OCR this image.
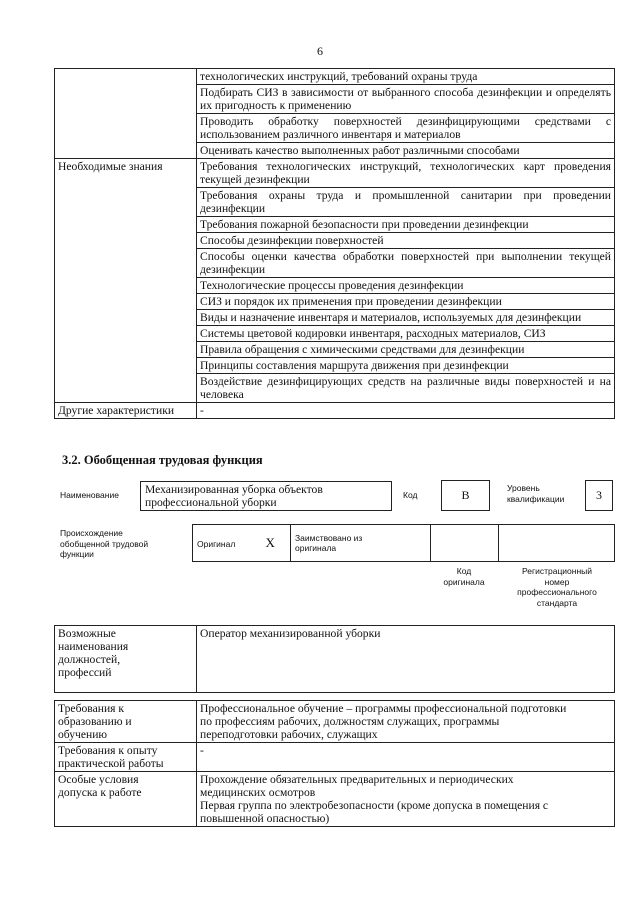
6
	технологических инструкций, требований охраны труда
	Подбирать СИЗ в зависимости от выбранного способа дезинфекции и определять их пригодность к применению
	Проводить обработку поверхностей дезинфицирующими средствами с использованием различного инвентаря и материалов
	Оценивать качество выполненных работ различными способами
Необходимые знания	Требования технологических инструкций, технологических карт проведения текущей дезинфекции
	Требования охраны труда и промышленной санитарии при проведении дезинфекции
	Требования пожарной безопасности при проведении дезинфекции
	Способы дезинфекции поверхностей
	Способы оценки качества обработки поверхностей при выполнении текущей дезинфекции
	Технологические процессы проведения дезинфекции
	СИЗ и порядок их применения при проведении дезинфекции
	Виды и назначение инвентаря и материалов, используемых для дезинфекции
	Системы цветовой кодировки инвентаря, расходных материалов, СИЗ
	Правила обращения с химическими средствами для дезинфекции
	Принципы составления маршрута движения при дезинфекции
	Воздействие дезинфицирующих средств на различные виды поверхностей и на человека
Другие характеристики	-
3.2. Обобщенная трудовая функция
Наименование	Механизированная уборка объектов профессиональной уборки
Код	B	Уровень
квалификации	3
Происхождение
обобщенной трудовой
функции
Оригинал	X	Заимствовано из
оригинала

Код
оригинала
Регистрационный
номер
профессионального
стандарта
Возможные
наименования
должностей,
профессий
	Оператор механизированной уборки
Требования к
образованию и
обучению	Профессиональное обучение – программы профессиональной подготовки
по профессиям рабочих, должностям служащих, программы
переподготовки рабочих, служащих

Требования к опыту
практической работы	-

Особые условия
допуска к работе	Прохождение обязательных предварительных и периодических
медицинских осмотров
Первая группа по электробезопасности (кроме допуска в помещения с
повышенной опасностью)
